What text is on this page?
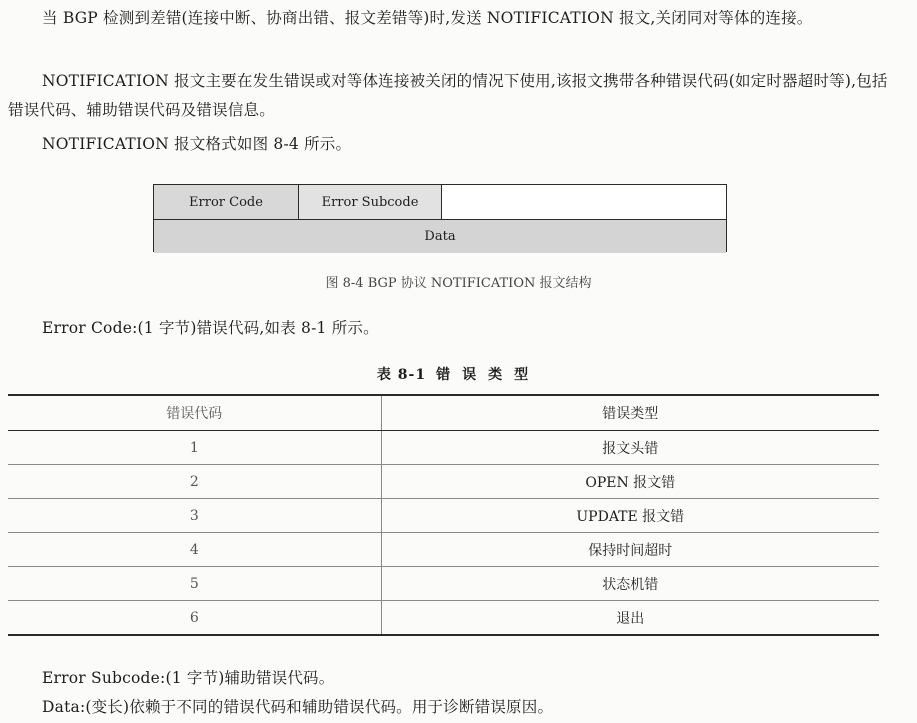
当 BGP 检测到差错(连接中断、协商出错、报文差错等)时,发送 NOTIFICATION 报文,关闭同对等体的连接。

NOTIFICATION 报文主要在发生错误或对等体连接被关闭的情况下使用,该报文携带各种错误代码(如定时器超时等),包括错误代码、辅助错误代码及错误信息。

NOTIFICATION 报文格式如图 8-4 所示。

Error Code	Error Subcode
Data
图 8-4 BGP 协议 NOTIFICATION 报文结构

Error Code:(1 字节)错误代码,如表 8-1 所示。

表 8-1 错误类型
错误代码	错误类型
1	报文头错
2	OPEN 报文错
3	UPDATE 报文错
4	保持时间超时
5	状态机错
6	退出

Error Subcode:(1 字节)辅助错误代码。

Data:(变长)依赖于不同的错误代码和辅助错误代码。用于诊断错误原因。
